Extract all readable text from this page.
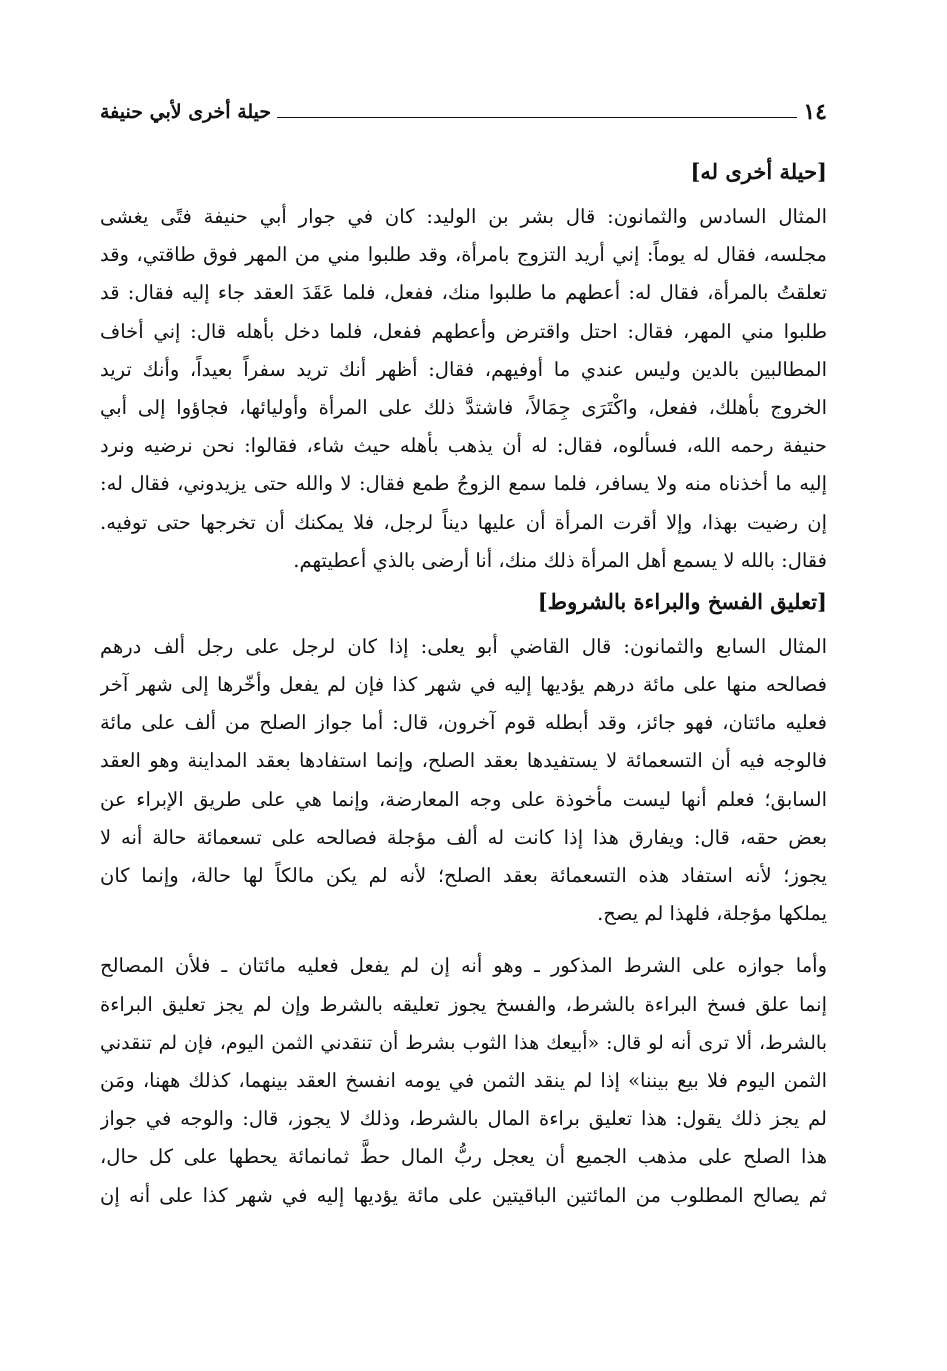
١٤
حيلة أخرى لأبي حنيفة
[حيلة أخرى له]
المثال السادس والثمانون: قال بشر بن الوليد: كان في جوار أبي حنيفة فتًى يغشى
مجلسه، فقال له يوماً: إني أريد التزوج بامرأة، وقد طلبوا مني من المهر فوق طاقتي، وقد
تعلقتُ بالمرأة، فقال له: أعطهم ما طلبوا منك، ففعل، فلما عَقَدَ العقد جاء إليه فقال: قد
طلبوا مني المهر، فقال: احتل واقترض وأعطهم ففعل، فلما دخل بأهله قال: إني أخاف
المطالبين بالدين وليس عندي ما أوفيهم، فقال: أظهر أنك تريد سفراً بعيداً، وأنك تريد
الخروج بأهلك، ففعل، واكْتَرَى جِمَالاً، فاشتدَّ ذلك على المرأة وأوليائها، فجاؤوا إلى أبي
حنيفة رحمه الله، فسألوه، فقال: له أن يذهب بأهله حيث شاء، فقالوا: نحن نرضيه ونرد
إليه ما أخذناه منه ولا يسافر، فلما سمع الزوجُ طمع فقال: لا والله حتى يزيدوني، فقال له:
إن رضيت بهذا، وإلا أقرت المرأة أن عليها ديناً لرجل، فلا يمكنك أن تخرجها حتى توفيه.
فقال: بالله لا يسمع أهل المرأة ذلك منك، أنا أرضى بالذي أعطيتهم.
[تعليق الفسخ والبراءة بالشروط]
المثال السابع والثمانون: قال القاضي أبو يعلى: إذا كان لرجل على رجل ألف درهم
فصالحه منها على مائة درهم يؤديها إليه في شهر كذا فإن لم يفعل وأخّرها إلى شهر آخر
فعليه مائتان، فهو جائز، وقد أبطله قوم آخرون، قال: أما جواز الصلح من ألف على مائة
فالوجه فيه أن التسعمائة لا يستفيدها بعقد الصلح، وإنما استفادها بعقد المداينة وهو العقد
السابق؛ فعلم أنها ليست مأخوذة على وجه المعارضة، وإنما هي على طريق الإبراء عن
بعض حقه، قال: ويفارق هذا إذا كانت له ألف مؤجلة فصالحه على تسعمائة حالة أنه لا
يجوز؛ لأنه استفاد هذه التسعمائة بعقد الصلح؛ لأنه لم يكن مالكاً لها حالة، وإنما كان
يملكها مؤجلة، فلهذا لم يصح.
وأما جوازه على الشرط المذكور ـ وهو أنه إن لم يفعل فعليه مائتان ـ فلأن المصالح
إنما علق فسخ البراءة بالشرط، والفسخ يجوز تعليقه بالشرط وإن لم يجز تعليق البراءة
بالشرط، ألا ترى أنه لو قال: «أبيعك هذا الثوب بشرط أن تنقدني الثمن اليوم، فإن لم تنقدني
الثمن اليوم فلا بيع بيننا» إذا لم ينقد الثمن في يومه انفسخ العقد بينهما، كذلك ههنا، ومَن
لم يجز ذلك يقول: هذا تعليق براءة المال بالشرط، وذلك لا يجوز، قال: والوجه في جواز
هذا الصلح على مذهب الجميع أن يعجل ربُّ المال حطَّ ثمانمائة يحطها على كل حال،
ثم يصالح المطلوب من المائتين الباقيتين على مائة يؤديها إليه في شهر كذا على أنه إن
